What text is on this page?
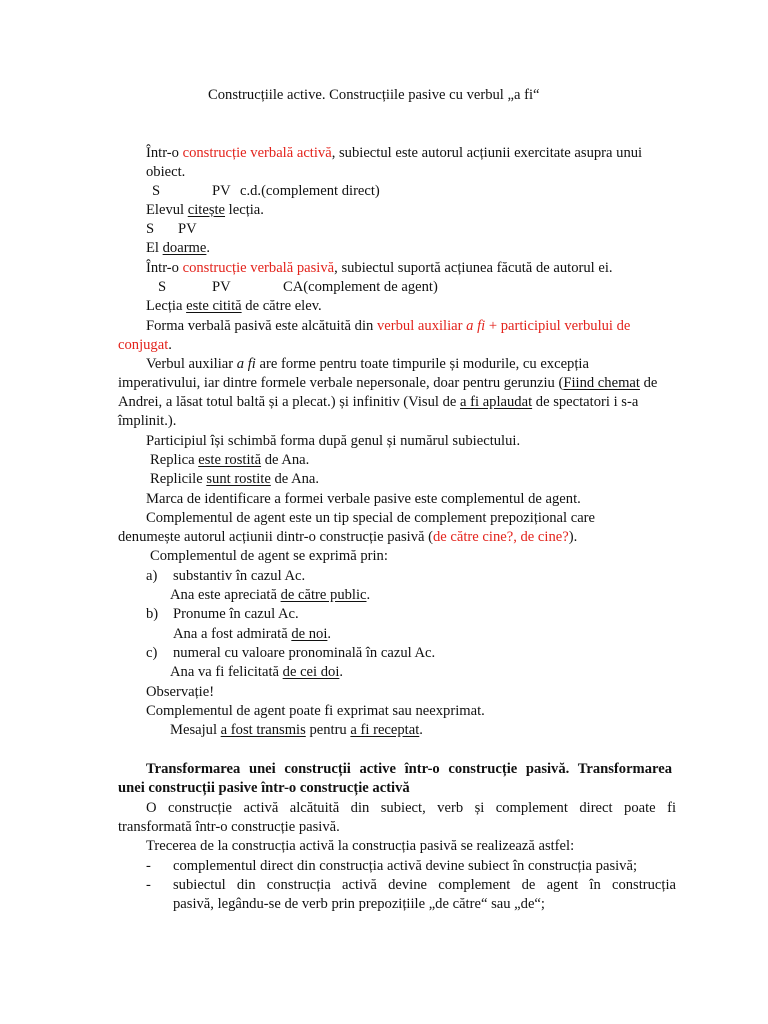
Construcțiile active. Construcțiile pasive cu verbul „a fi“
Într-o construcție verbală activă, subiectul este autorul acțiunii exercitate asupra unui
obiect.
S	PV c.d.(complement direct)
Elevul citește lecția.
S PV
El doarme.
Într-o construcție verbală pasivă, subiectul suportă acțiunea făcută de autorul ei.
S	PV	CA(complement de agent)
Lecția este citită de către elev.
Forma verbală pasivă este alcătuită din verbul auxiliar a fi + participiul verbului de
conjugat.
Verbul auxiliar a fi are forme pentru toate timpurile și modurile, cu excepția
imperativului, iar dintre formele verbale nepersonale, doar pentru gerunziu (Fiind chemat de
Andrei, a lăsat totul baltă și a plecat.) și infinitiv (Visul de a fi aplaudat de spectatori i s-a
împlinit.).
Participiul își schimbă forma după genul și numărul subiectului.
Replica este rostită de Ana.
Replicile sunt rostite de Ana.
Marca de identificare a formei verbale pasive este complementul de agent.
Complementul de agent este un tip special de complement prepozițional care
denumește autorul acțiunii dintr-o construcție pasivă (de către cine?, de cine?).
Complementul de agent se exprimă prin:
a) substantiv în cazul Ac.
Ana este apreciată de către public.
b) Pronume în cazul Ac.
Ana a fost admirată de noi.
c) numeral cu valoare pronominală în cazul Ac.
Ana va fi felicitată de cei doi.
Observație!
Complementul de agent poate fi exprimat sau neexprimat.
Mesajul a fost transmis pentru a fi receptat.
Transformarea unei construcții active într-o construcție pasivă. Transformarea
unei construcții pasive într-o construcție activă
O construcție activă alcătuită din subiect, verb și complement direct poate fi
transformată într-o construcție pasivă.
Trecerea de la construcția activă la construcția pasivă se realizează astfel:
- complementul direct din construcția activă devine subiect în construcția pasivă;
- subiectul din construcția activă devine complement de agent în construcția
pasivă, legându-se de verb prin prepozițiile „de către“ sau „de“;
